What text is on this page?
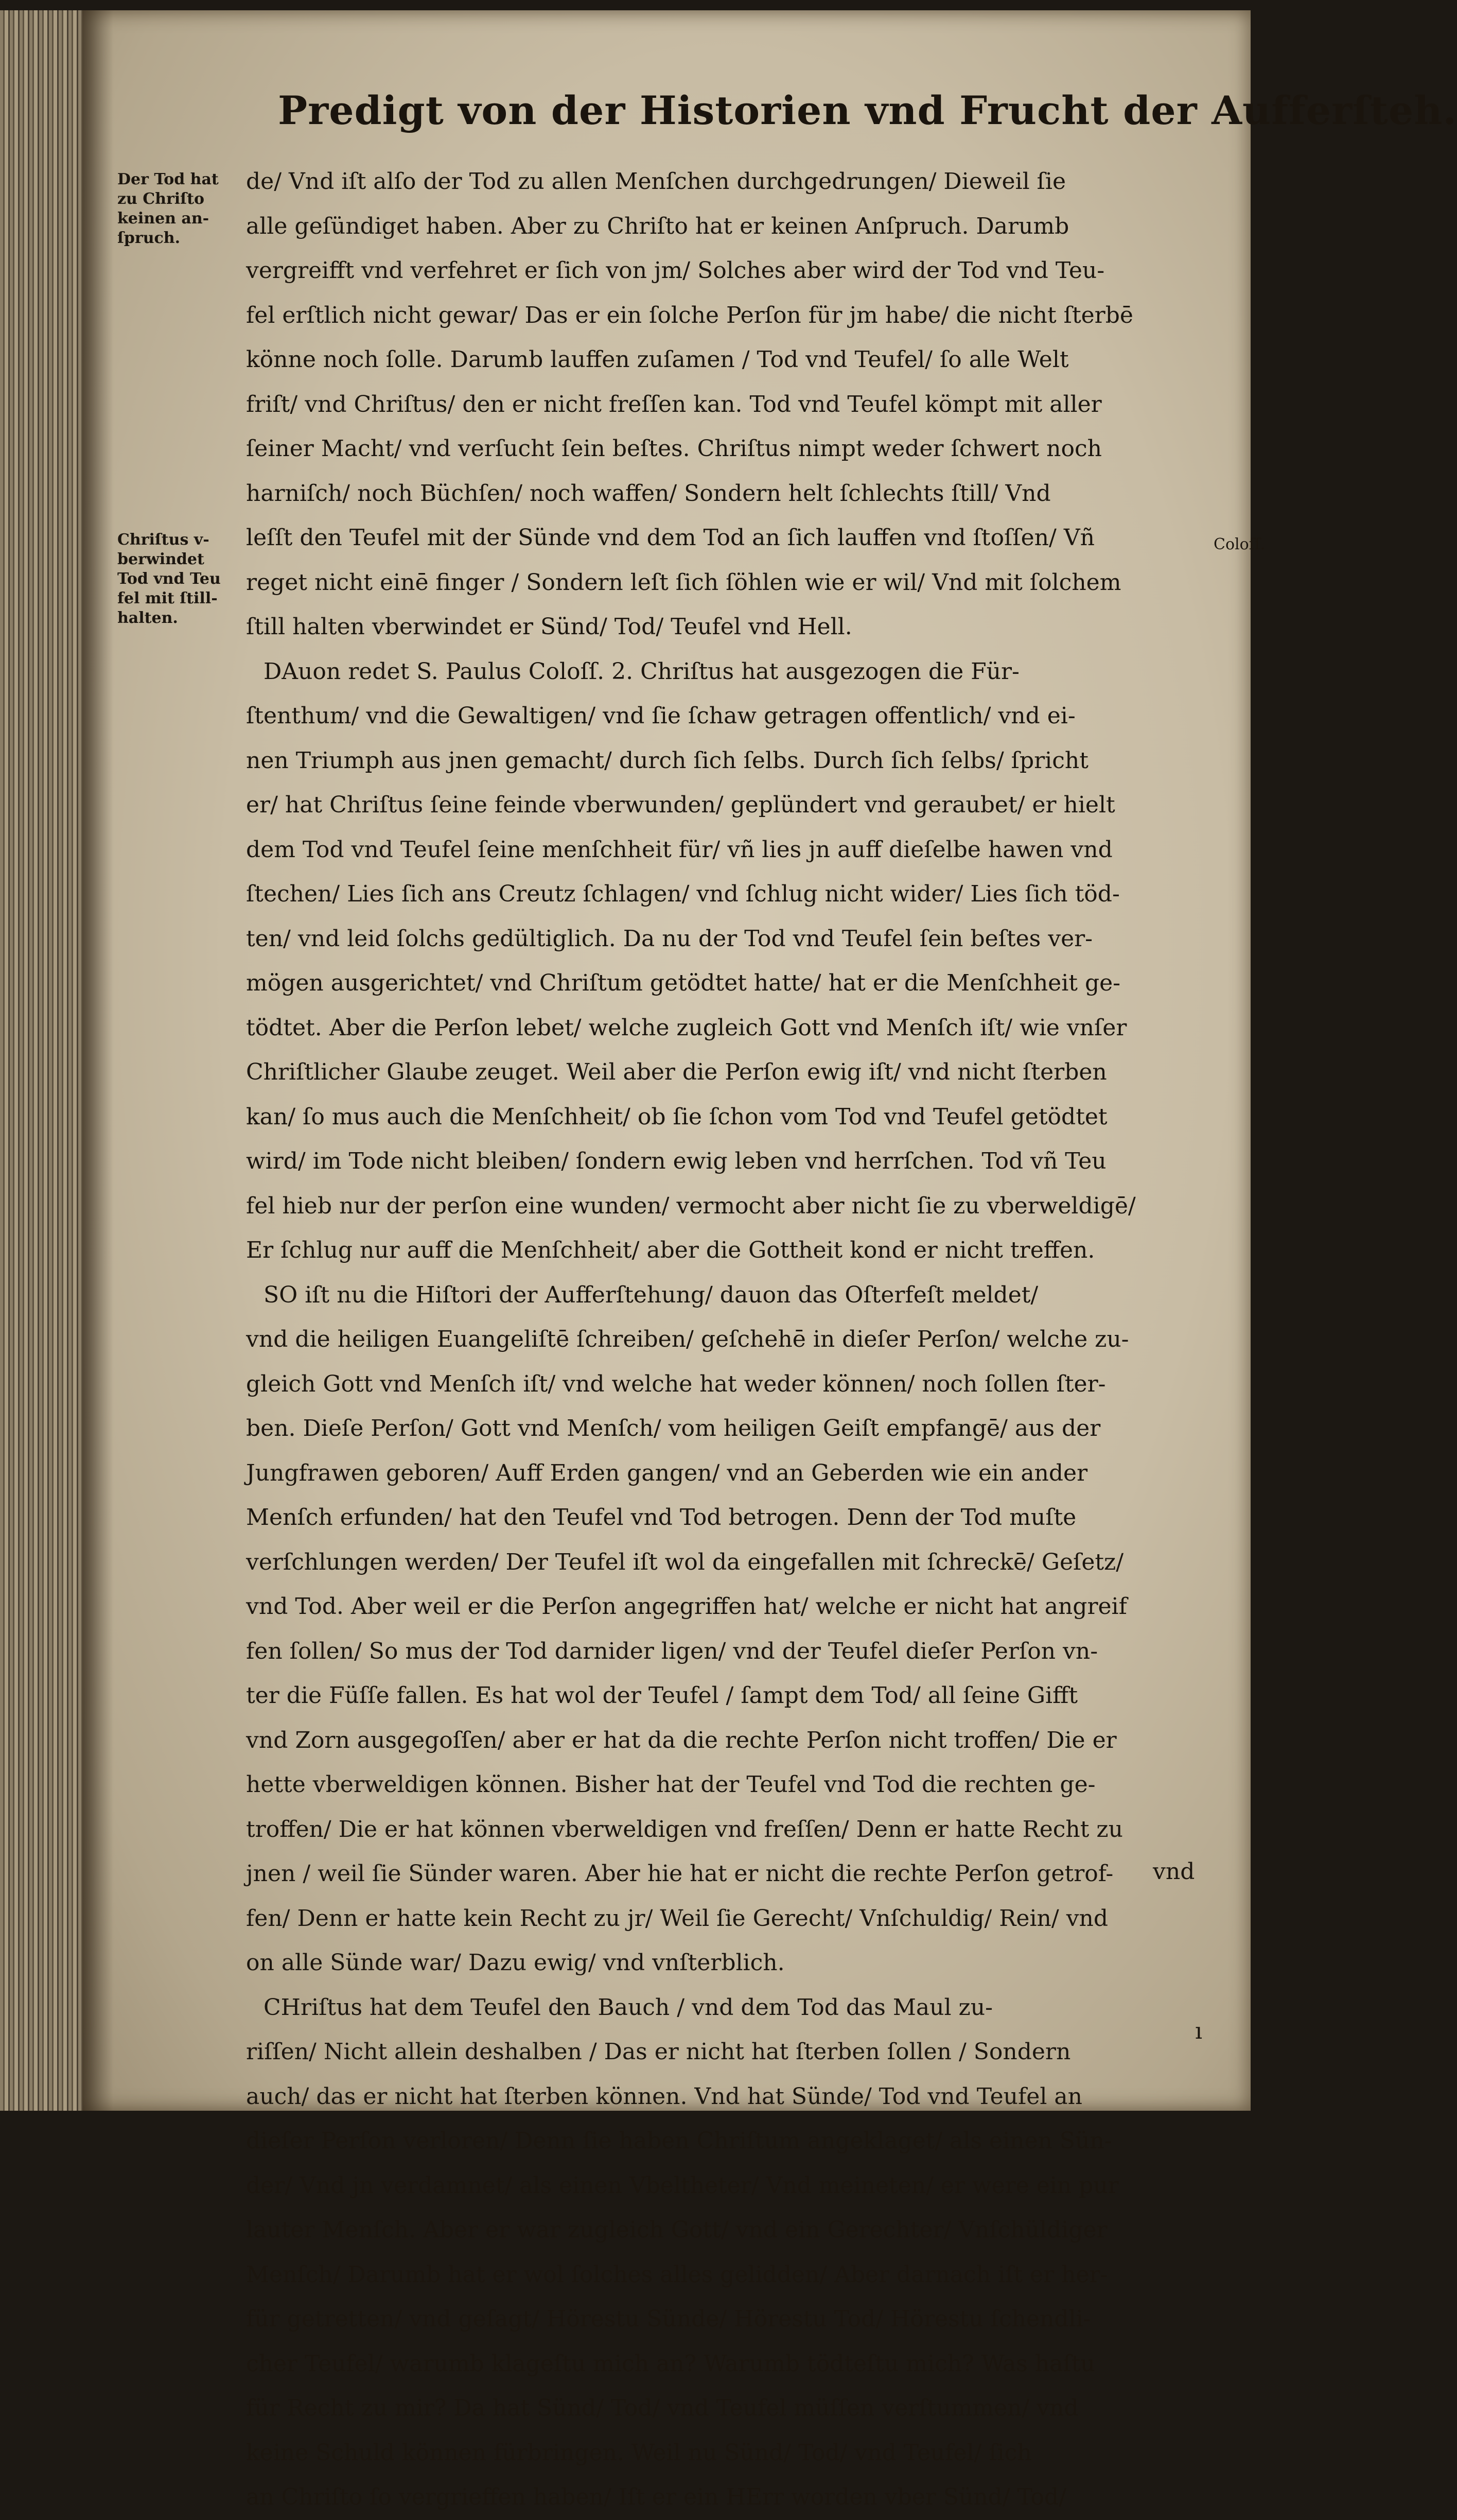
Predigt von der Historien vnd Frucht der Aufferſteh.
Der Tod hat
zu Chriſto
keinen an-
ſpruch.
Chriſtus v-
berwindet
Tod vnd Teu
fel mit ſtill-
halten.
Coloſſ.
de/ Vnd iſt alſo der Tod zu allen Menſchen durchgedrungen/ Dieweil ſie
alle geſündiget haben. Aber zu Chriſto hat er keinen Anſpruch. Darumb
vergreifft vnd verfehret er ſich von jm/ Solches aber wird der Tod vnd Teu-
fel erſtlich nicht gewar/ Das er ein ſolche Perſon für jm habe/ die nicht ſterbē
könne noch ſolle. Darumb lauffen zuſamen / Tod vnd Teufel/ ſo alle Welt
friſt/ vnd Chriſtus/ den er nicht freſſen kan. Tod vnd Teufel kömpt mit aller
ſeiner Macht/ vnd verſucht ſein beſtes. Chriſtus nimpt weder ſchwert noch
harniſch/ noch Büchſen/ noch waffen/ Sondern helt ſchlechts ſtill/ Vnd
leſſt den Teufel mit der Sünde vnd dem Tod an ſich lauffen vnd ſtoſſen/ Vñ
reget nicht einē finger / Sondern leſt ſich ſöhlen wie er wil/ Vnd mit ſolchem
ſtill halten vberwindet er Sünd/ Tod/ Teufel vnd Hell.
DAuon redet S. Paulus Coloſſ. 2. Chriſtus hat ausgezogen die Für-
ſtenthum/ vnd die Gewaltigen/ vnd ſie ſchaw getragen offentlich/ vnd ei-
nen Triumph aus jnen gemacht/ durch ſich ſelbs. Durch ſich ſelbs/ ſpricht
er/ hat Chriſtus ſeine feinde vberwunden/ geplündert vnd geraubet/ er hielt
dem Tod vnd Teufel ſeine menſchheit für/ vñ lies jn auff dieſelbe hawen vnd
ſtechen/ Lies ſich ans Creutz ſchlagen/ vnd ſchlug nicht wider/ Lies ſich töd-
ten/ vnd leid ſolchs gedültiglich. Da nu der Tod vnd Teufel ſein beſtes ver-
mögen ausgerichtet/ vnd Chriſtum getödtet hatte/ hat er die Menſchheit ge-
tödtet. Aber die Perſon lebet/ welche zugleich Gott vnd Menſch iſt/ wie vnſer
Chriſtlicher Glaube zeuget. Weil aber die Perſon ewig iſt/ vnd nicht ſterben
kan/ ſo mus auch die Menſchheit/ ob ſie ſchon vom Tod vnd Teufel getödtet
wird/ im Tode nicht bleiben/ ſondern ewig leben vnd herrſchen. Tod vñ Teu
fel hieb nur der perſon eine wunden/ vermocht aber nicht ſie zu vberweldigē/
Er ſchlug nur auff die Menſchheit/ aber die Gottheit kond er nicht treffen.
SO iſt nu die Hiſtori der Aufferſtehung/ dauon das Oſterfeſt meldet/
vnd die heiligen Euangeliſtē ſchreiben/ geſchehē in dieſer Perſon/ welche zu-
gleich Gott vnd Menſch iſt/ vnd welche hat weder können/ noch ſollen ſter-
ben. Dieſe Perſon/ Gott vnd Menſch/ vom heiligen Geiſt empfangē/ aus der
Jungfrawen geboren/ Auff Erden gangen/ vnd an Geberden wie ein ander
Menſch erfunden/ hat den Teufel vnd Tod betrogen. Denn der Tod muſte
verſchlungen werden/ Der Teufel iſt wol da eingefallen mit ſchreckē/ Geſetz/
vnd Tod. Aber weil er die Perſon angegriffen hat/ welche er nicht hat angreif
fen ſollen/ So mus der Tod darnider ligen/ vnd der Teufel dieſer Perſon vn-
ter die Füſſe fallen. Es hat wol der Teufel / ſampt dem Tod/ all ſeine Gifft
vnd Zorn ausgegoſſen/ aber er hat da die rechte Perſon nicht troffen/ Die er
hette vberweldigen können. Bisher hat der Teufel vnd Tod die rechten ge-
troffen/ Die er hat können vberweldigen vnd freſſen/ Denn er hatte Recht zu
jnen / weil ſie Sünder waren. Aber hie hat er nicht die rechte Perſon getrof-
fen/ Denn er hatte kein Recht zu jr/ Weil ſie Gerecht/ Vnſchuldig/ Rein/ vnd
on alle Sünde war/ Dazu ewig/ vnd vnſterblich.
CHriſtus hat dem Teufel den Bauch / vnd dem Tod das Maul zu-
riſſen/ Nicht allein deshalben / Das er nicht hat ſterben ſollen / Sondern
auch/ das er nicht hat ſterben können. Vnd hat Sünde/ Tod vnd Teufel an
dieſer Perſon verloren/ Denn ſie haben Chriſtum angeklaget/ als einen Sün-
der/ Vnd jn verdamnet/ als einen Vbeltheter/ Vnd meineten/ er were ein pur
lauter Menſch. Aber er war zugleich Gott/ vnd ein Gerechter/ Vnſchüldiger
Menſch/ Darumb hat er wol ſolches alles gelidden/ Aber darnach iſt er her-
für getretten/ vnd geſagt/ Hörestu Sünde/ Hörestu Tod/ Hörestu ſchendli-
cher Teufel/ warumb klageſtu mich an? Warumb tödteſtu mich? Was haſtu
für Recht zu mir? Da hat Sünd/ Tod/ vnd Teufel müſſen verſtummen/ vnd
keine Schuld können fürbringen. Weil nu Sünd/ Tod/ vnd Teufel/ ſich
an Chriſto ſo vergrieffen haben/ Iſt er ein HErr worden vber Sünd/ Tod/
vnd
ı
